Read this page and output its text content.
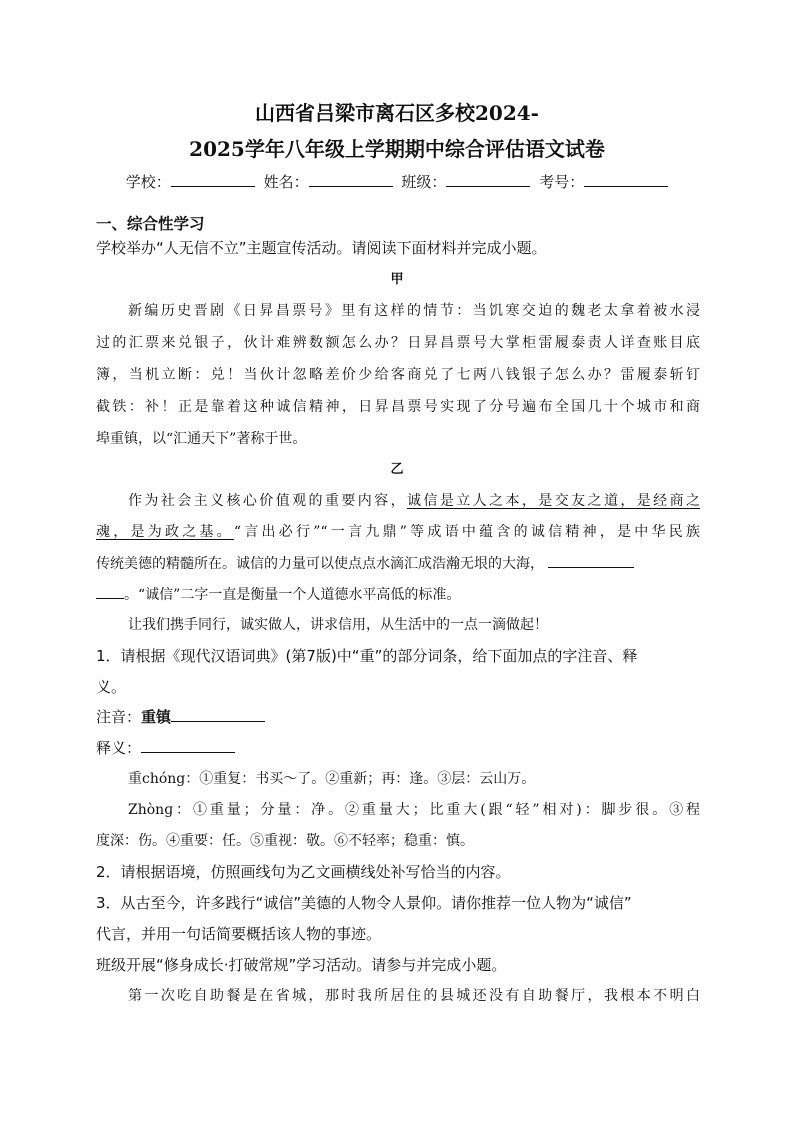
山西省吕梁市离石区多校2024-
2025学年八年级上学期期中综合评估语文试卷
学校：	姓名：	班级：	考号：
一、综合性学习
学校举办“人无信不立”主题宣传活动。请阅读下面材料并完成小题。
甲
新编历史晋剧《日昇昌票号》里有这样的情节：当饥寒交迫的魏老太拿着被水浸
过的汇票来兑银子，伙计难辨数额怎么办？日昇昌票号大掌柜雷履泰责人详查账目底
簿，当机立断：兑！当伙计忽略差价少给客商兑了七两八钱银子怎么办？雷履泰斩钉
截铁：补！正是靠着这种诚信精神，日昇昌票号实现了分号遍布全国几十个城市和商
埠重镇，以“汇通天下”著称于世。
乙
作为社会主义核心价值观的重要内容，诚信是立人之本，是交友之道，是经商之
魂，是为政之基。“言出必行”“一言九鼎”等成语中蕴含的诚信精神，是中华民族
传统美德的精髓所在。诚信的力量可以使点点水滴汇成浩瀚无垠的大海，
。“诚信”二字一直是衡量一个人道德水平高低的标准。
让我们携手同行，诚实做人，讲求信用，从生活中的一点一滴做起！
1．请根据《现代汉语词典》(第7版)中“重”的部分词条，给下面加点的字注音、释
义。
注音：重镇
释义：
重chóng：①重复：书买～了。②重新；再：逢。③层：云山万。
Zhònɡ：①重量；分量：净。②重量大；比重大(跟“轻”相对)：脚步很。③程
度深：伤。④重要：任。⑤重视：敬。⑥不轻率；稳重：慎。
2．请根据语境，仿照画线句为乙文画横线处补写恰当的内容。
3．从古至今，许多践行“诚信”美德的人物令人景仰。请你推荐一位人物为“诚信”
代言，并用一句话简要概括该人物的事迹。
班级开展“修身成长·打破常规”学习活动。请参与并完成小题。
第一次吃自助餐是在省城，那时我所居住的县城还没有自助餐厅，我根本不明白
